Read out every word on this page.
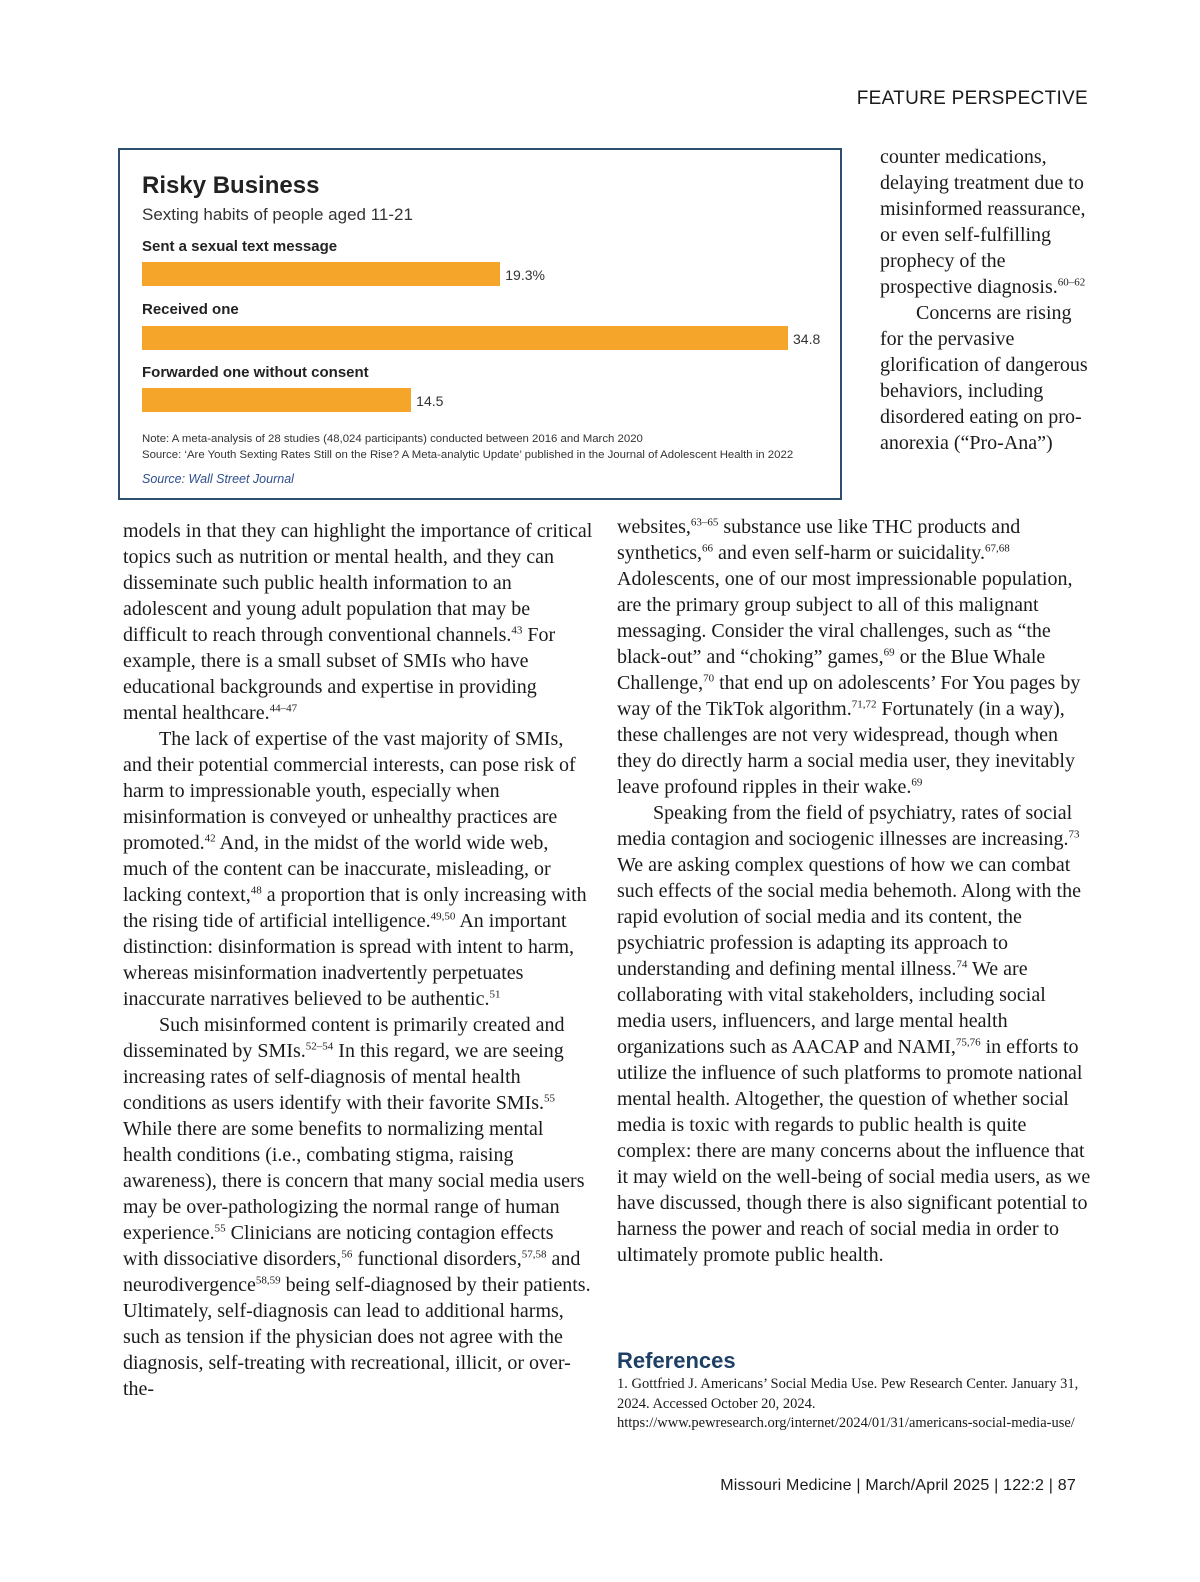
FEATURE PERSPECTIVE
Risky Business
Sexting habits of people aged 11-21
Sent a sexual text message
19.3%
Received one
34.8
Forwarded one without consent
14.5
Note: A meta-analysis of 28 studies (48,024 participants) conducted between 2016 and March 2020
Source: ‘Are Youth Sexting Rates Still on the Rise? A Meta-analytic Update’ published in the Journal of Adolescent Health in 2022
Source: Wall Street Journal

counter medications, delaying treatment due to misinformed reassurance, or even self-fulfilling prophecy of the prospective diagnosis.$^{60-62}$

Concerns are rising for the pervasive glorification of dangerous behaviors, including disordered eating on pro-anorexia (“Pro-Ana”)

models in that they can highlight the importance of critical topics such as nutrition or mental health, and they can disseminate such public health information to an adolescent and young adult population that may be difficult to reach through conventional channels.$^{43}$ For example, there is a small subset of SMIs who have educational backgrounds and expertise in providing mental healthcare.$^{44-47}$

The lack of expertise of the vast majority of SMIs, and their potential commercial interests, can pose risk of harm to impressionable youth, especially when misinformation is conveyed or unhealthy practices are promoted.$^{42}$ And, in the midst of the world wide web, much of the content can be inaccurate, misleading, or lacking context,$^{48}$ a proportion that is only increasing with the rising tide of artificial intelligence.$^{49,50}$ An important distinction: disinformation is spread with intent to harm, whereas misinformation inadvertently perpetuates inaccurate narratives believed to be authentic.$^{51}$

Such misinformed content is primarily created and disseminated by SMIs.$^{52-54}$ In this regard, we are seeing increasing rates of self-diagnosis of mental health conditions as users identify with their favorite SMIs.$^{55}$ While there are some benefits to normalizing mental health conditions (i.e., combating stigma, raising awareness), there is concern that many social media users may be over-pathologizing the normal range of human experience.$^{55}$ Clinicians are noticing contagion effects with dissociative disorders,$^{56}$ functional disorders,$^{57,58}$ and neurodivergence$^{58,59}$ being self-diagnosed by their patients. Ultimately, self-diagnosis can lead to additional harms, such as tension if the physician does not agree with the diagnosis, self-treating with recreational, illicit, or over-the-

websites,$^{63-65}$ substance use like THC products and synthetics,$^{66}$ and even self-harm or suicidality.$^{67,68}$ Adolescents, one of our most impressionable population, are the primary group subject to all of this malignant messaging. Consider the viral challenges, such as “the black-out” and “choking” games,$^{69}$ or the Blue Whale Challenge,$^{70}$ that end up on adolescents’ For You pages by way of the TikTok algorithm.$^{71,72}$ Fortunately (in a way), these challenges are not very widespread, though when they do directly harm a social media user, they inevitably leave profound ripples in their wake.$^{69}$

Speaking from the field of psychiatry, rates of social media contagion and sociogenic illnesses are increasing.$^{73}$ We are asking complex questions of how we can combat such effects of the social media behemoth. Along with the rapid evolution of social media and its content, the psychiatric profession is adapting its approach to understanding and defining mental illness.$^{74}$ We are collaborating with vital stakeholders, including social media users, influencers, and large mental health organizations such as AACAP and NAMI,$^{75,76}$ in efforts to utilize the influence of such platforms to promote national mental health. Altogether, the question of whether social media is toxic with regards to public health is quite complex: there are many concerns about the influence that it may wield on the well-being of social media users, as we have discussed, though there is also significant potential to harness the power and reach of social media in order to ultimately promote public health.

References
1. Gottfried J. Americans’ Social Media Use. Pew Research Center. January 31, 2024. Accessed October 20, 2024. https://www.pewresearch.org/internet/2024/01/31/americans-social-media-use/
Missouri Medicine | March/April 2025 | 122:2 | 87
